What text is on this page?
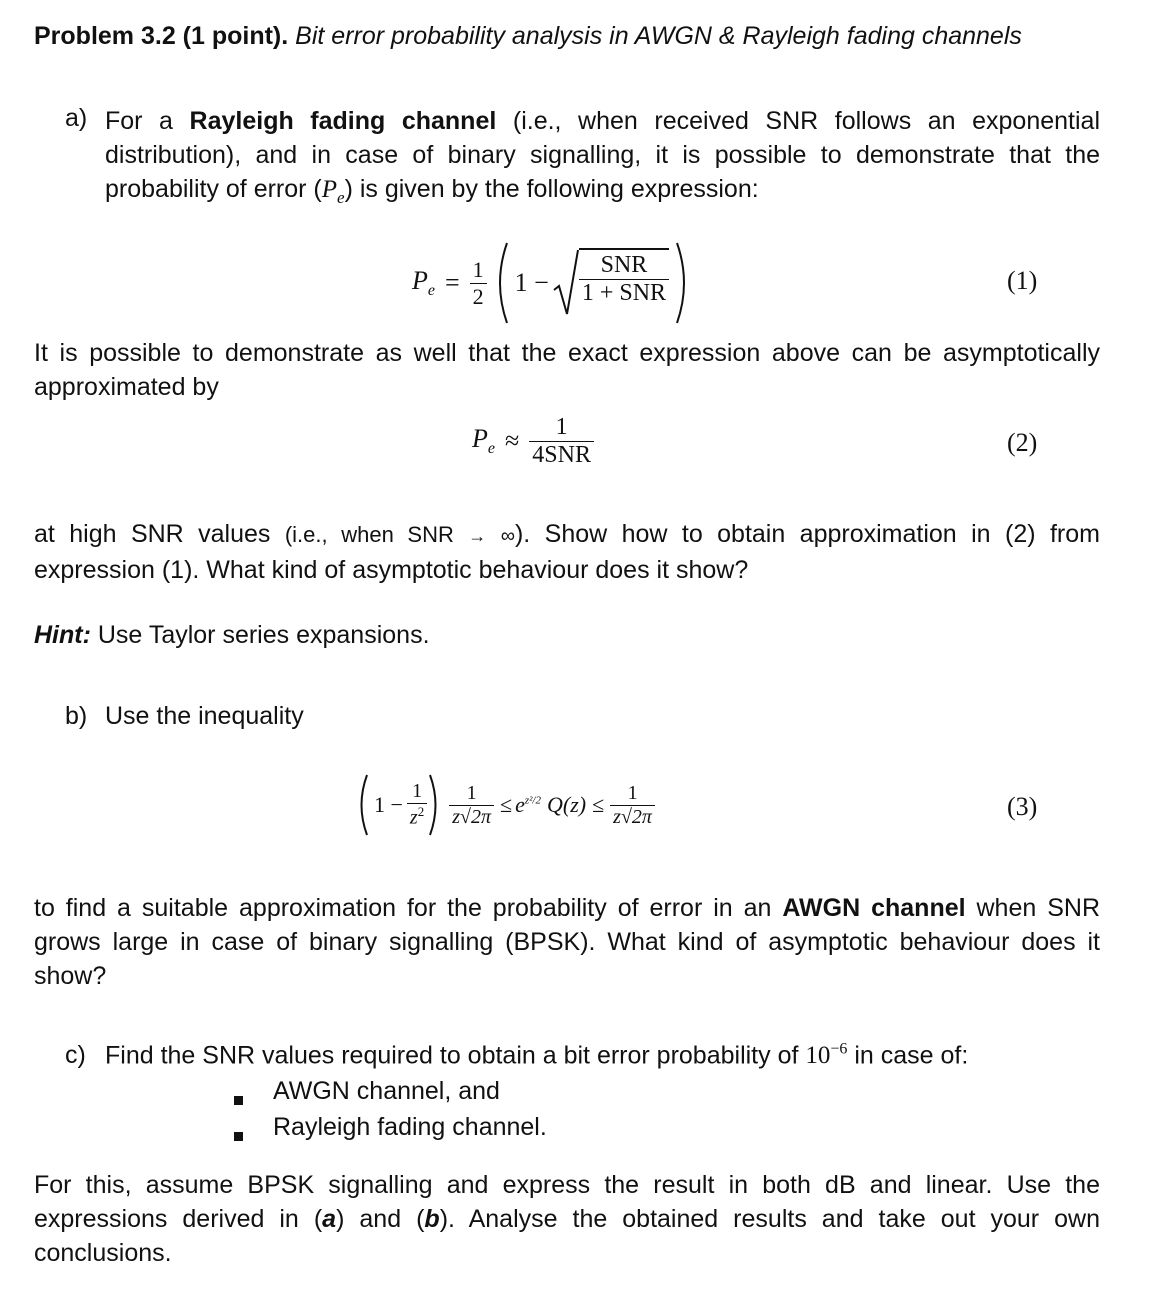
Problem 3.2 (1 point). Bit error probability analysis in AWGN & Rayleigh fading channels
a) For a Rayleigh fading channel (i.e., when received SNR follows an exponential distribution), and in case of binary signalling, it is possible to demonstrate that the probability of error $(P_e)$ is given by the following expression:
$P_e = \frac{1}{2} 1 - \frac{\text{SNR}}{\text{1 + SNR}}$	(1)
It is possible to demonstrate as well that the exact expression above can be asymptotically approximated by
$P_e \approx \frac{1}{\text{4SNR}}$	(2)
at high SNR values (i.e., when SNR → ∞). Show how to obtain approximation in (2) from expression (1). What kind of asymptotic behaviour does it show?
Hint: Use Taylor series expansions.
b) Use the inequality
$1 - \frac{1}{z^2} \frac{1}{z√2\pi} \le e^{z^2/2}$ $Q(z) \le \frac{1}{z√2\pi}$	(3)
to find a suitable approximation for the probability of error in an AWGN channel when SNR grows large in case of binary signalling (BPSK). What kind of asymptotic behaviour does it show?
c) Find the SNR values required to obtain a bit error probability of $10^{-6}$ in case of:
AWGN channel, and
Rayleigh fading channel.
For this, assume BPSK signalling and express the result in both dB and linear. Use the expressions derived in (a) and (b). Analyse the obtained results and take out your own conclusions.
